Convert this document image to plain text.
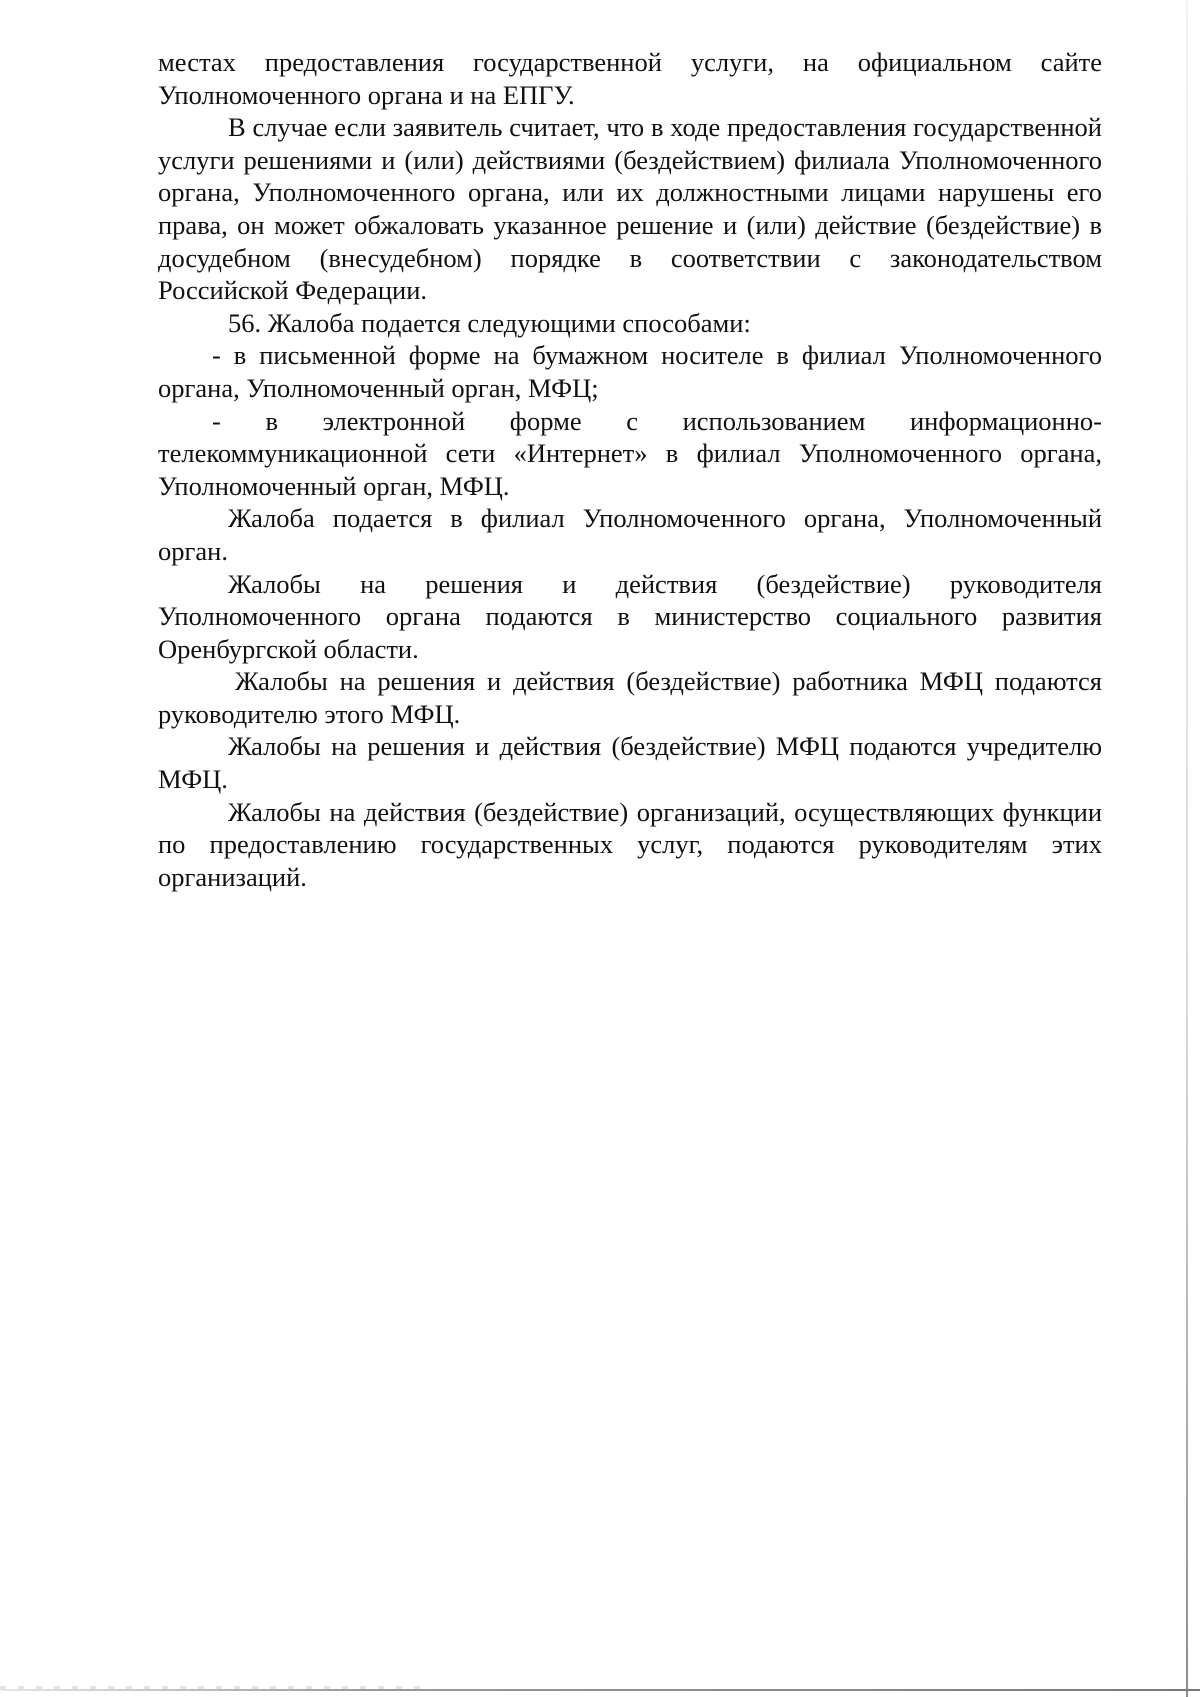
местах предоставления государственной услуги, на официальном сайте Уполномоченного органа и на ЕПГУ.

В случае если заявитель считает, что в ходе предоставления государственной услуги решениями и (или) действиями (бездействием) филиала Уполномоченного органа, Уполномоченного органа, или их должностными лицами нарушены его права, он может обжаловать указанное решение и (или) действие (бездействие) в досудебном (внесудебном) порядке в соответствии с законодательством Российской Федерации.

56. Жалоба подается следующими способами:

- в письменной форме на бумажном носителе в филиал Уполномоченного органа, Уполномоченный орган, МФЦ;

- в электронной форме с использованием информационно-телекоммуникационной сети «Интернет» в филиал Уполномоченного органа, Уполномоченный орган, МФЦ.

Жалоба подается в филиал Уполномоченного органа, Уполномоченный орган.

Жалобы на решения и действия (бездействие) руководителя Уполномоченного органа подаются в министерство социального развития Оренбургской области.

Жалобы на решения и действия (бездействие) работника МФЦ подаются руководителю этого МФЦ.

Жалобы на решения и действия (бездействие) МФЦ подаются учредителю МФЦ.

Жалобы на действия (бездействие) организаций, осуществляющих функции по предоставлению государственных услуг, подаются руководителям этих организаций.
